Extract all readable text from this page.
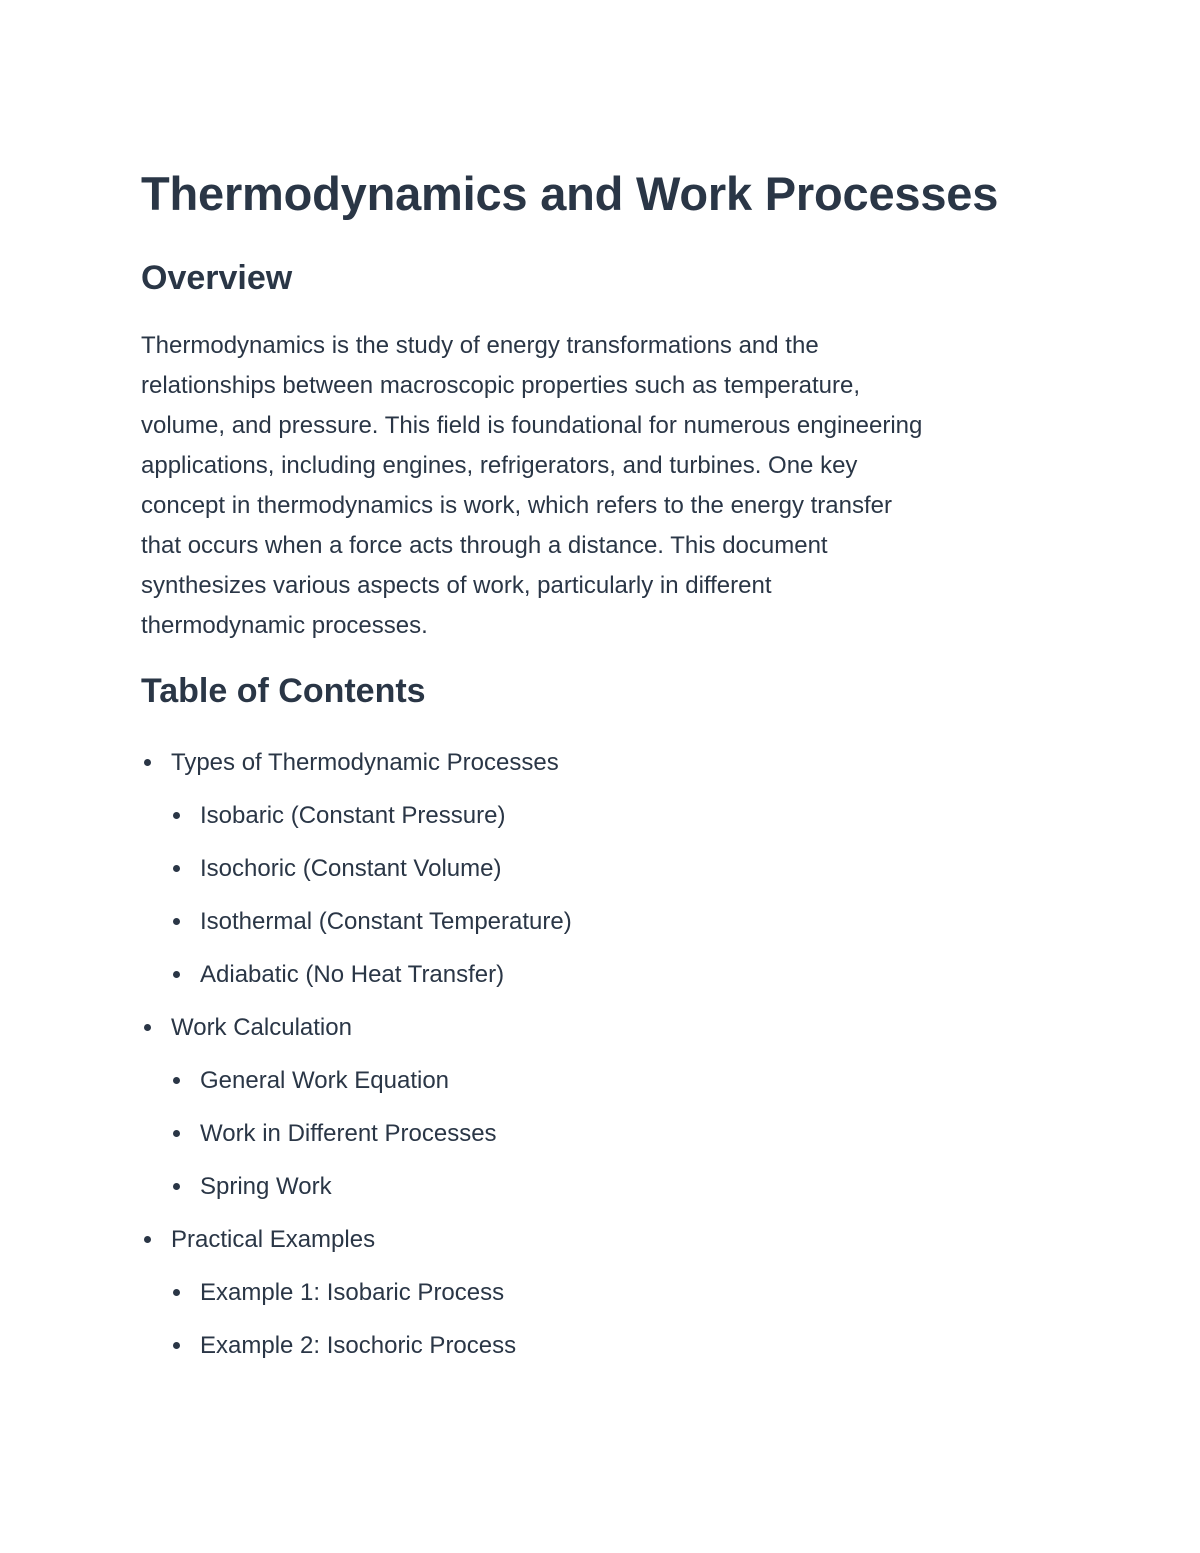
Thermodynamics and Work Processes
Overview

Thermodynamics is the study of energy transformations and the
relationships between macroscopic properties such as temperature,
volume, and pressure. This field is foundational for numerous engineering
applications, including engines, refrigerators, and turbines. One key
concept in thermodynamics is work, which refers to the energy transfer
that occurs when a force acts through a distance. This document
synthesizes various aspects of work, particularly in different
thermodynamic processes.

Table of Contents
Types of Thermodynamic Processes
Isobaric (Constant Pressure)
Isochoric (Constant Volume)
Isothermal (Constant Temperature)
Adiabatic (No Heat Transfer)
Work Calculation
General Work Equation
Work in Different Processes
Spring Work
Practical Examples
Example 1: Isobaric Process
Example 2: Isochoric Process
